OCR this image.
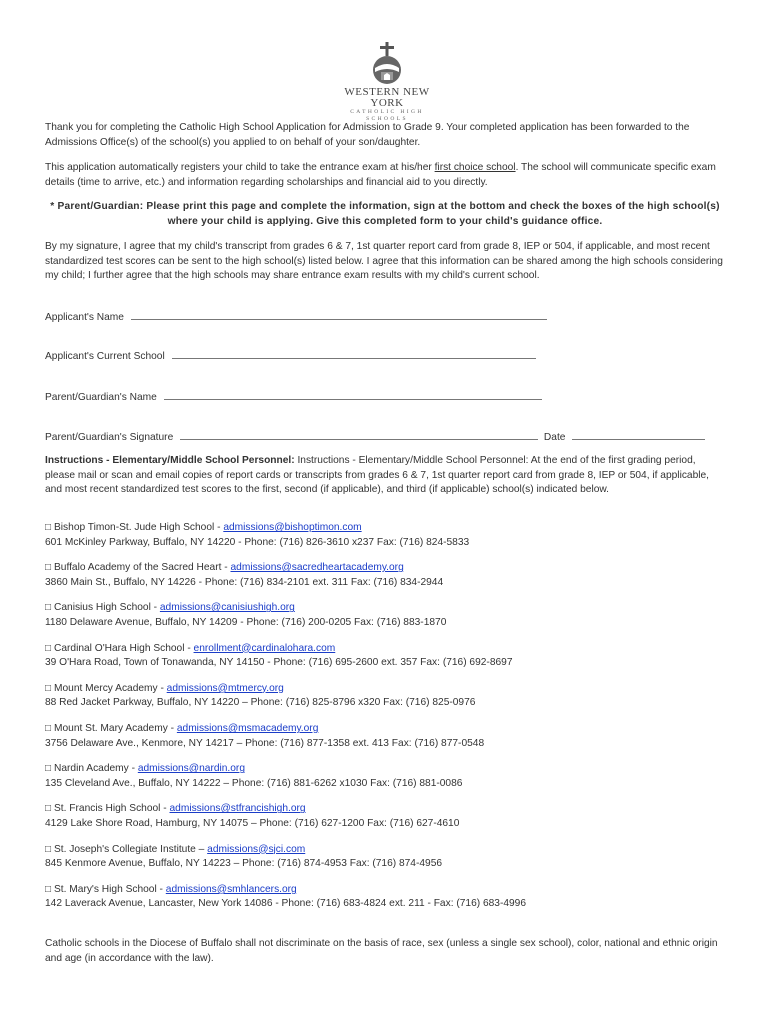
WESTERN NEW YORK
CATHOLIC HIGH SCHOOLS

Thank you for completing the Catholic High School Application for Admission to Grade 9. Your completed application has been forwarded to the Admissions Office(s) of the school(s) you applied to on behalf of your son/daughter.

This application automatically registers your child to take the entrance exam at his/her first choice school. The school will communicate specific exam details (time to arrive, etc.) and information regarding scholarships and financial aid to you directly.

* Parent/Guardian: Please print this page and complete the information, sign at the bottom and check the boxes of the high school(s) where your child is applying. Give this completed form to your child's guidance office.

By my signature, I agree that my child's transcript from grades 6 & 7, 1st quarter report card from grade 8, IEP or 504, if applicable, and most recent standardized test scores can be sent to the high school(s) listed below. I agree that this information can be shared among the high schools considering my child; I further agree that the high schools may share entrance exam results with my child's current school.

Applicant's Name
Applicant's Current School
Parent/Guardian's Name
Parent/Guardian's Signature	Date

Instructions - Elementary/Middle School Personnel: Instructions - Elementary/Middle School Personnel: At the end of the first grading period, please mail or scan and email copies of report cards or transcripts from grades 6 & 7, 1st quarter report card from grade 8, IEP or 504, if applicable, and most recent standardized test scores to the first, second (if applicable), and third (if applicable) school(s) indicated below.

□ Bishop Timon-St. Jude High School - admissions@bishoptimon.com
601 McKinley Parkway, Buffalo, NY 14220 - Phone: (716) 826-3610 x237 Fax: (716) 824-5833
□ Buffalo Academy of the Sacred Heart - admissions@sacredheartacademy.org
3860 Main St., Buffalo, NY 14226 - Phone: (716) 834-2101 ext. 311 Fax: (716) 834-2944
□ Canisius High School - admissions@canisiushigh.org
1180 Delaware Avenue, Buffalo, NY 14209 - Phone: (716) 200-0205 Fax: (716) 883-1870
□ Cardinal O'Hara High School - enrollment@cardinalohara.com
39 O'Hara Road, Town of Tonawanda, NY 14150 - Phone: (716) 695-2600 ext. 357 Fax: (716) 692-8697
□ Mount Mercy Academy - admissions@mtmercy.org
88 Red Jacket Parkway, Buffalo, NY 14220 – Phone: (716) 825-8796 x320 Fax: (716) 825-0976
□ Mount St. Mary Academy - admissions@msmacademy.org
3756 Delaware Ave., Kenmore, NY 14217 – Phone: (716) 877-1358 ext. 413 Fax: (716) 877-0548
□ Nardin Academy - admissions@nardin.org
135 Cleveland Ave., Buffalo, NY 14222 – Phone: (716) 881-6262 x1030 Fax: (716) 881-0086
□ St. Francis High School - admissions@stfrancishigh.org
4129 Lake Shore Road, Hamburg, NY 14075 – Phone: (716) 627-1200 Fax: (716) 627-4610
□ St. Joseph's Collegiate Institute – admissions@sjci.com
845 Kenmore Avenue, Buffalo, NY 14223 – Phone: (716) 874-4953 Fax: (716) 874-4956
□ St. Mary's High School - admissions@smhlancers.org
142 Laverack Avenue, Lancaster, New York 14086 - Phone: (716) 683-4824 ext. 211 - Fax: (716) 683-4996

Catholic schools in the Diocese of Buffalo shall not discriminate on the basis of race, sex (unless a single sex school), color, national and ethnic origin and age (in accordance with the law).
